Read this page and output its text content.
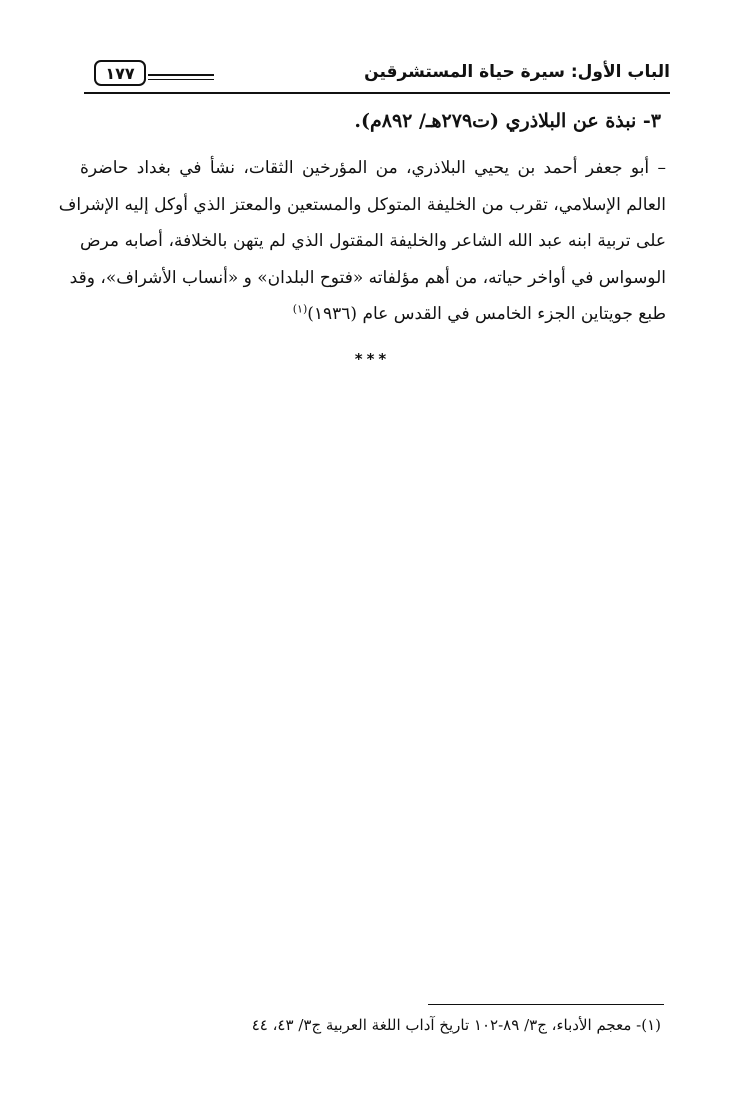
١٧٧	الباب الأول: سيرة حياة المستشرقين
٣- نبذة عن البلاذري (ت٢٧٩هـ/ ٨٩٢م).
– أبو جعفر أحمد بن يحيي البلاذري، من المؤرخين الثقات، نشأ في بغداد حاضرة
العالم الإسلامي، تقرب من الخليفة المتوكل والمستعين والمعتز الذي أوكل إليه الإشراف
على تربية ابنه عبد الله الشاعر والخليفة المقتول الذي لم يتهن بالخلافة، أصابه مرض
الوسواس في أواخر حياته، من أهم مؤلفاته «فتوح البلدان» و «أنساب الأشراف»، وقد
طبع جويتاين الجزء الخامس في القدس عام (١٩٣٦)$^{(١)}$
***
(١)- معجم الأدباء، ج٣/ ٨٩-١٠٢ تاريخ آداب اللغة العربية ج٣/ ٤٣، ٤٤
